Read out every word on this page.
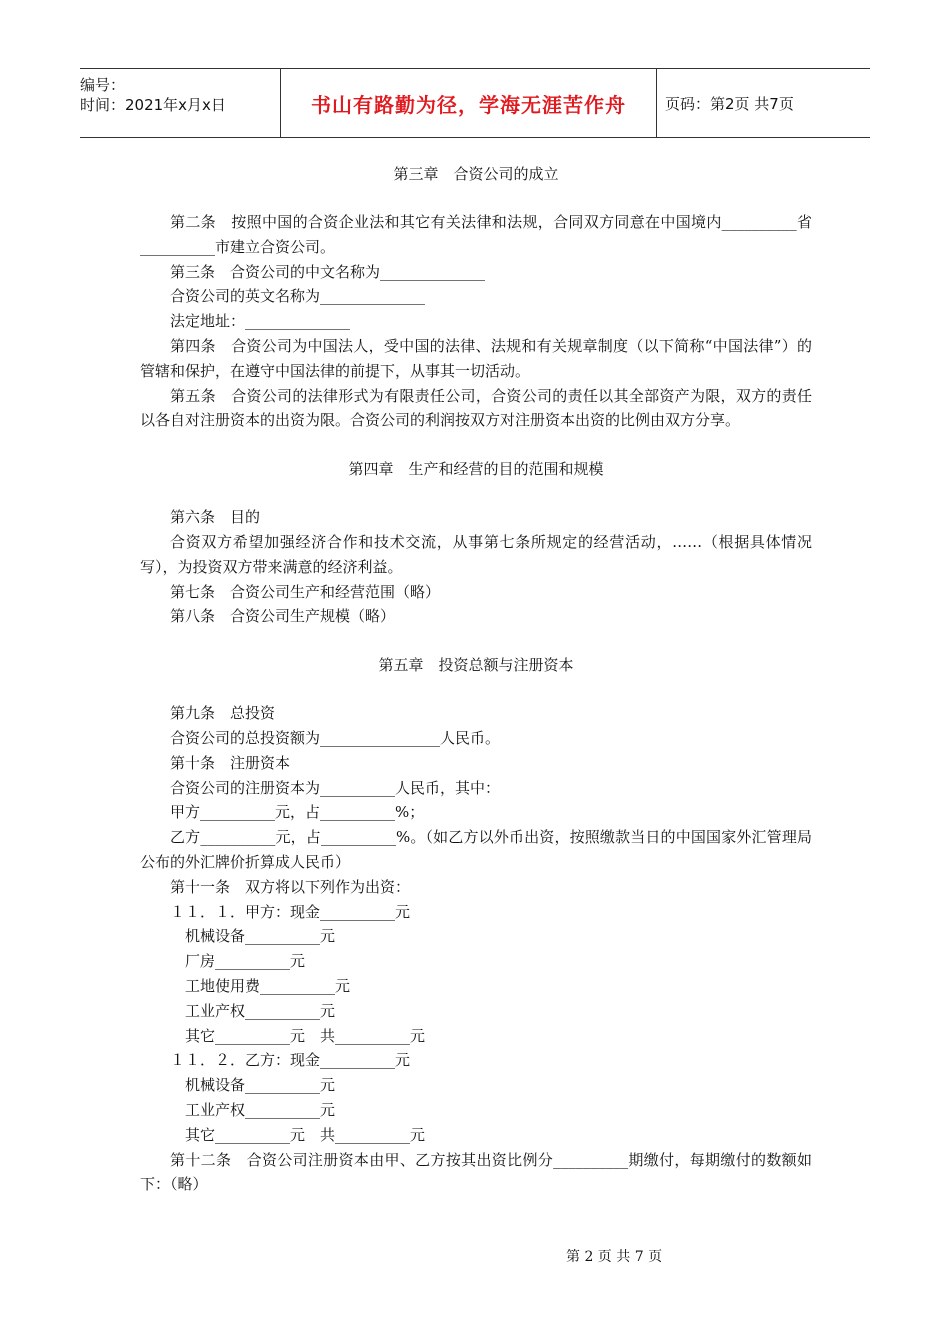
编号：
时间：2021年x月x日	书山有路勤为径，学海无涯苦作舟	页码：第2页 共7页
第三章　合资公司的成立

第二条　按照中国的合资企业法和其它有关法律和法规，合同双方同意在中国境内__________省__________市建立合资公司。

第三条　合资公司的中文名称为______________

合资公司的英文名称为______________

法定地址：______________

第四条　合资公司为中国法人，受中国的法律、法规和有关规章制度（以下简称“中国法律”）的管辖和保护，在遵守中国法律的前提下，从事其一切活动。

第五条　合资公司的法律形式为有限责任公司，合资公司的责任以其全部资产为限，双方的责任以各自对注册资本的出资为限。合资公司的利润按双方对注册资本出资的比例由双方分享。

第四章　生产和经营的目的范围和规模

第六条　目的

合资双方希望加强经济合作和技术交流，从事第七条所规定的经营活动，……（根据具体情况写），为投资双方带来满意的经济利益。

第七条　合资公司生产和经营范围（略）

第八条　合资公司生产规模（略）

第五章　投资总额与注册资本

第九条　总投资

合资公司的总投资额为________________人民币。

第十条　注册资本

合资公司的注册资本为__________人民币，其中：

甲方__________元，占__________%；

乙方__________元，占__________%。（如乙方以外币出资，按照缴款当日的中国国家外汇管理局公布的外汇牌价折算成人民币）

第十一条　双方将以下列作为出资：

１１．１．甲方：现金__________元

机械设备__________元

厂房__________元

工地使用费__________元

工业产权__________元

其它__________元　共__________元

１１．２．乙方：现金__________元

机械设备__________元

工业产权__________元

其它__________元　共__________元

第十二条　合资公司注册资本由甲、乙方按其出资比例分__________期缴付，每期缴付的数额如下：（略）

第 2 页 共 7 页
